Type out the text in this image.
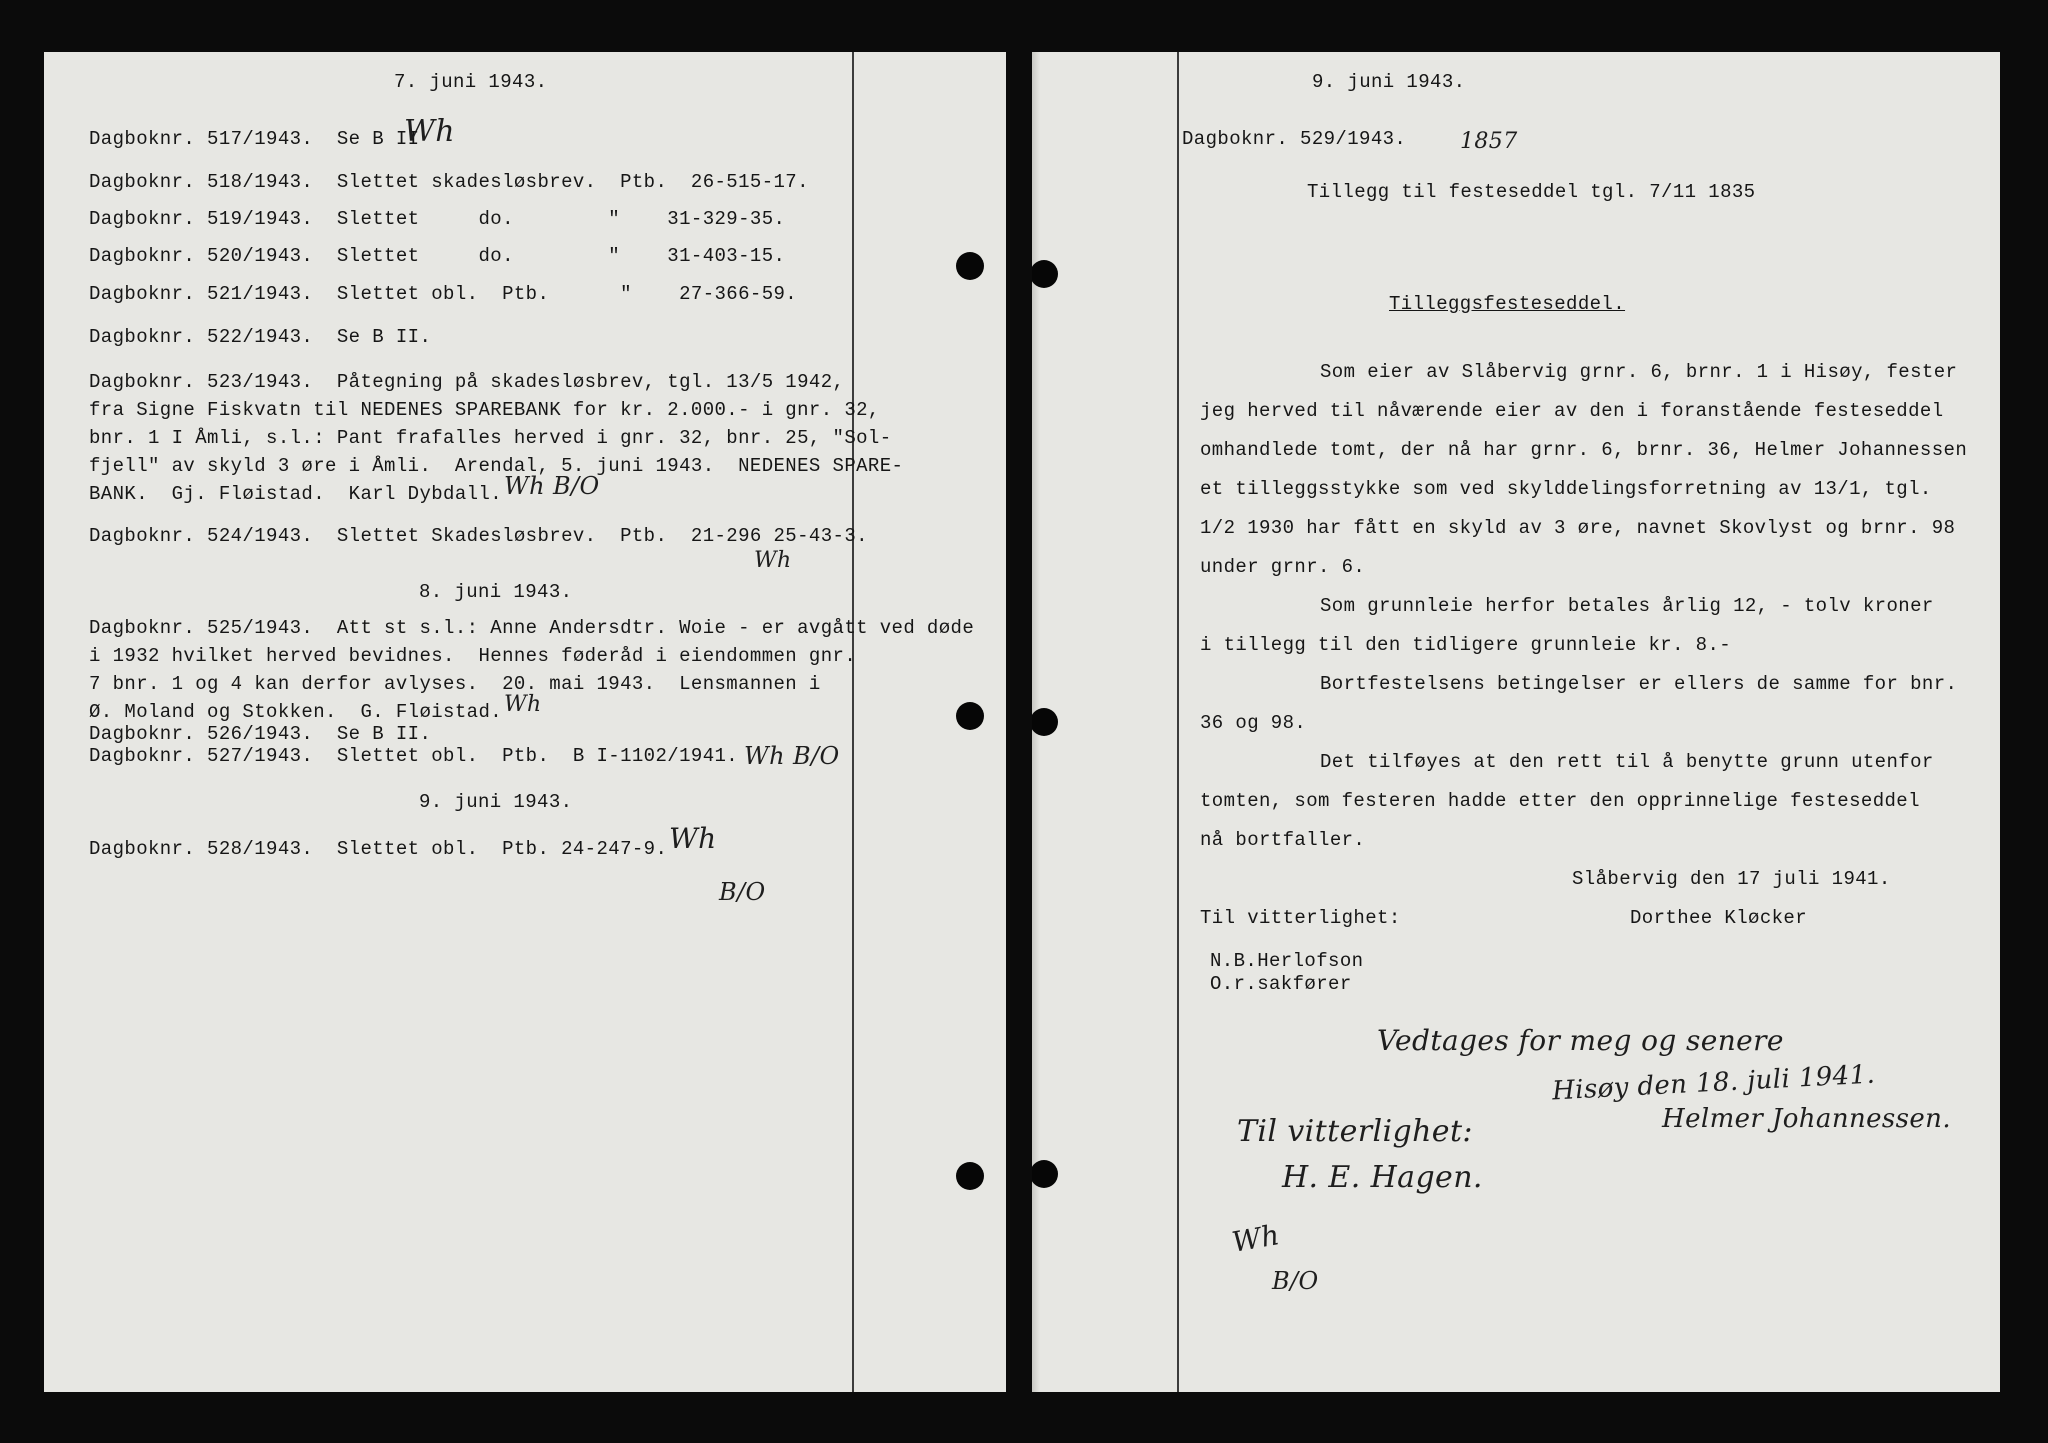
7. juni 1943.
Dagboknr. 517/1943.  Se B II
Wh
Dagboknr. 518/1943.  Slettet skadesløsbrev.  Ptb.  26-515-17.
Dagboknr. 519/1943.  Slettet     do.        "    31-329-35.
Dagboknr. 520/1943.  Slettet     do.        "    31-403-15.
Dagboknr. 521/1943.  Slettet obl.  Ptb.      "    27-366-59.
Dagboknr. 522/1943.  Se B II.
Dagboknr. 523/1943.  Påtegning på skadesløsbrev, tgl. 13/5 1942,
fra Signe Fiskvatn til NEDENES SPAREBANK for kr. 2.000.- i gnr. 32,
bnr. 1 I Åmli, s.l.: Pant frafalles herved i gnr. 32, bnr. 25, "Sol-
fjell" av skyld 3 øre i Åmli.  Arendal, 5. juni 1943.  NEDENES SPARE-
BANK.  Gj. Fløistad.  Karl Dybdall. Wh B/O
Dagboknr. 524/1943.  Slettet Skadesløsbrev.  Ptb.  21-296 25-43-3.
Wh
8. juni 1943.
Dagboknr. 525/1943.  Att st s.l.: Anne Andersdtr. Woie - er avgått ved døde
i 1932 hvilket herved bevidnes.  Hennes føderåd i eiendommen gnr.
7 bnr. 1 og 4 kan derfor avlyses.  20. mai 1943.  Lensmannen i
Ø. Moland og Stokken.  G. Fløistad. Wh
Dagboknr. 526/1943.  Se B II.
Dagboknr. 527/1943.  Slettet obl.  Ptb.  B I-1102/1941. Wh B/O
9. juni 1943.
Dagboknr. 528/1943.  Slettet obl.  Ptb. 24-247-9. Wh
B/O
9. juni 1943.
Dagboknr. 529/1943. 1857
Tillegg til festeseddel tgl. 7/11 1835
Tilleggsfesteseddel.
Som eier av Slåbervig grnr. 6, brnr. 1 i Hisøy, fester
jeg herved til nåværende eier av den i foranstående festeseddel
omhandlede tomt, der nå har grnr. 6, brnr. 36, Helmer Johannessen
et tilleggsstykke som ved skylddelingsforretning av 13/1, tgl.
1/2 1930 har fått en skyld av 3 øre, navnet Skovlyst og brnr. 98
under grnr. 6.
Som grunnleie herfor betales årlig 12, - tolv kroner
i tillegg til den tidligere grunnleie kr. 8.-
Bortfestelsens betingelser er ellers de samme for bnr.
36 og 98.
Det tilføyes at den rett til å benytte grunn utenfor
tomten, som festeren hadde etter den opprinnelige festeseddel
nå bortfaller.
Slåbervig den 17 juli 1941.
Til vitterlighet:	Dorthee Kløcker
N.B.Herlofson
O.r.sakfører
Vedtages for meg og senere
Hisøy den 18. juli 1941.
Helmer Johannessen.
Til vitterlighet:
H. E. Hagen.
Wh
B/O
